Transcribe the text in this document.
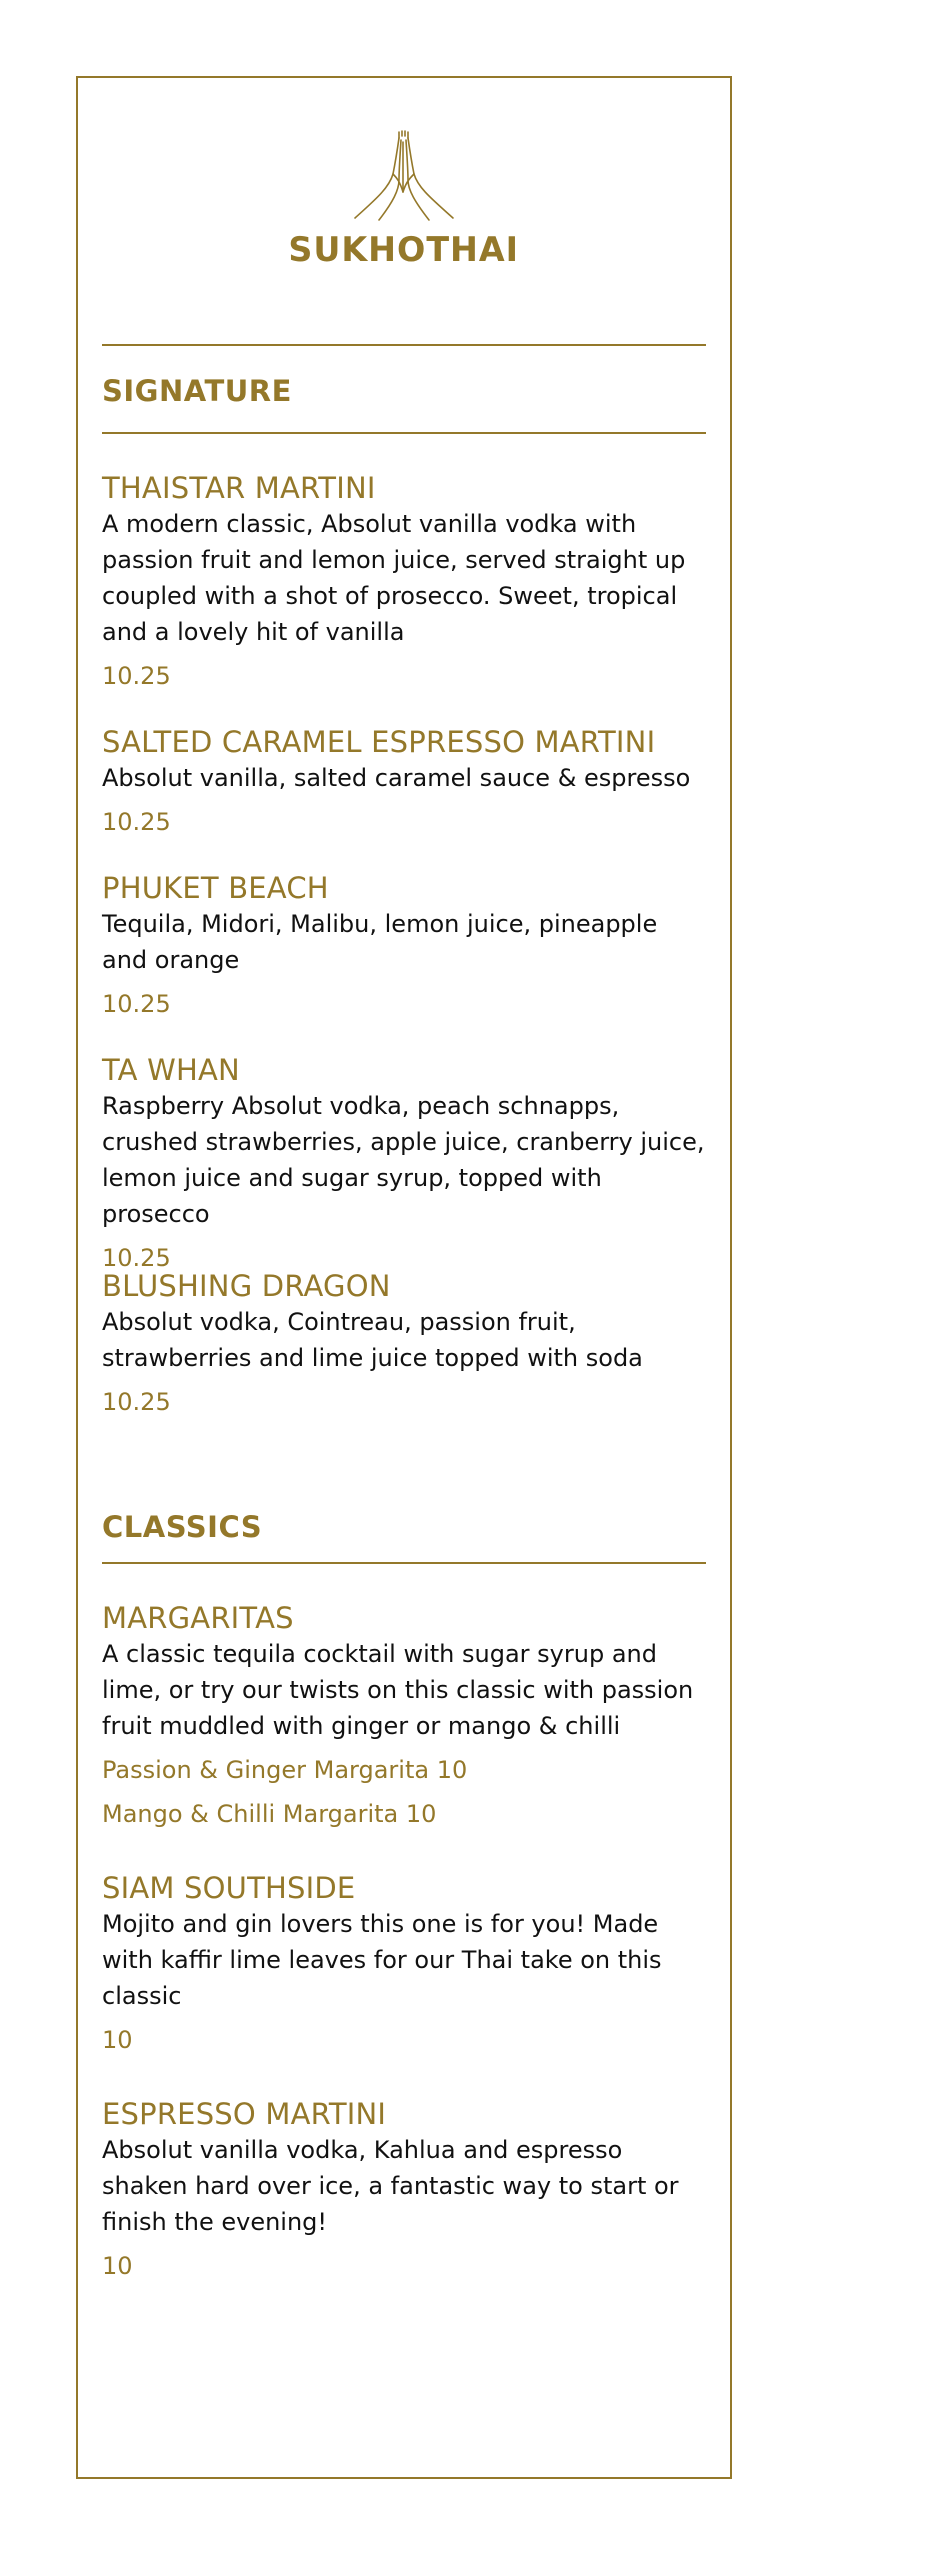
SUKHOTHAI
SIGNATURE
THAISTAR MARTINI
A modern classic, Absolut vanilla vodka with passion fruit and lemon juice, served straight up coupled with a shot of prosecco. Sweet, tropical and a lovely hit of vanilla
10.25
SALTED CARAMEL ESPRESSO MARTINI
Absolut vanilla, salted caramel sauce & espresso
10.25
PHUKET BEACH
Tequila, Midori, Malibu, lemon juice, pineapple and orange
10.25
TA WHAN
Raspberry Absolut vodka, peach schnapps, crushed strawberries, apple juice, cranberry juice, lemon juice and sugar syrup, topped with prosecco
10.25
BLUSHING DRAGON
Absolut vodka, Cointreau, passion fruit, strawberries and lime juice topped with soda
10.25
CLASSICS
MARGARITAS
A classic tequila cocktail with sugar syrup and lime, or try our twists on this classic with passion fruit muddled with ginger or mango & chilli
Passion & Ginger Margarita 10
Mango & Chilli Margarita 10
SIAM SOUTHSIDE
Mojito and gin lovers this one is for you! Made with kaffir lime leaves for our Thai take on this classic
10
ESPRESSO MARTINI
Absolut vanilla vodka, Kahlua and espresso shaken hard over ice, a fantastic way to start or finish the evening!
10
